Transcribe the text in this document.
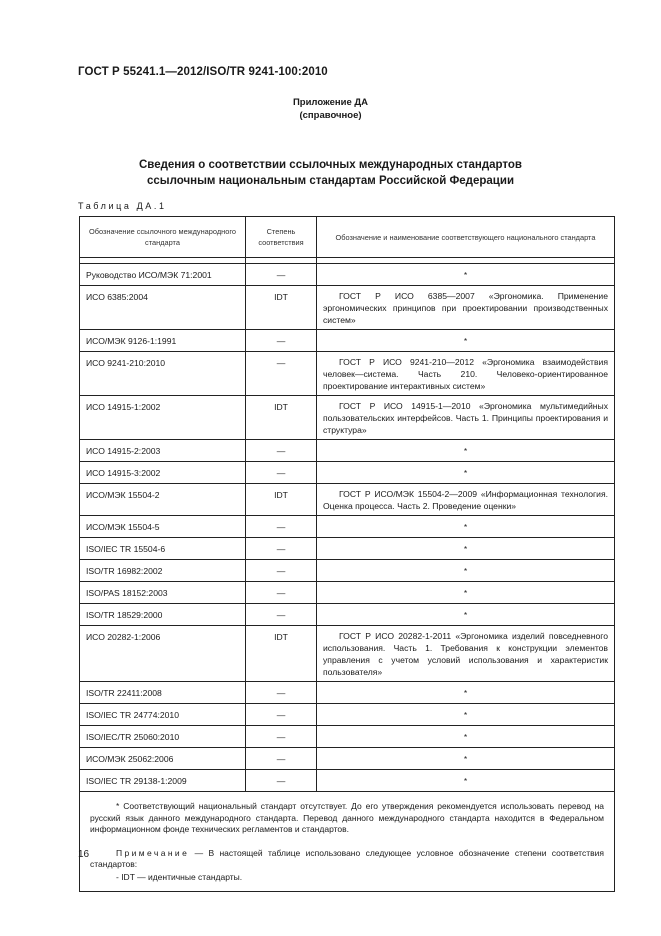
ГОСТ Р 55241.1—2012/ISO/TR 9241-100:2010
Приложение ДА
(справочное)
Сведения о соответствии ссылочных международных стандартов
ссылочным национальным стандартам Российской Федерации
Таблица ДА.1
Обозначение ссылочного международного стандарта	Степень соответствия	Обозначение и наименование соответствующего национального стандарта

Руководство ИСО/МЭК 71:2001	—	*
ИСО 6385:2004	IDT	ГОСТ Р ИСО 6385—2007 «Эргономика. Применение эргономических принципов при проектировании производственных систем»
ИСО/МЭК 9126-1:1991	—	*
ИСО 9241-210:2010	—	ГОСТ Р ИСО 9241-210—2012 «Эргономика взаимодействия человек—система. Часть 210. Человеко-ориентированное проектирование интерактивных систем»
ИСО 14915-1:2002	IDT	ГОСТ Р ИСО 14915-1—2010 «Эргономика мультимедийных пользовательских интерфейсов. Часть 1. Принципы проектирования и структура»
ИСО 14915-2:2003	—	*
ИСО 14915-3:2002	—	*
ИСО/МЭК 15504-2	IDT	ГОСТ Р ИСО/МЭК 15504-2—2009 «Информационная технология. Оценка процесса. Часть 2. Проведение оценки»
ИСО/МЭК 15504-5	—	*
ISO/IEC TR 15504-6	—	*
ISO/TR 16982:2002	—	*
ISO/PAS 18152:2003	—	*
ISO/TR 18529:2000	—	*
ИСО 20282-1:2006	IDT	ГОСТ Р ИСО 20282-1-2011 «Эргономика изделий повседневного использования. Часть 1. Требования к конструкции элементов управления с учетом условий использования и характеристик пользователя»
ISO/TR 22411:2008	—	*
ISO/IEC TR 24774:2010	—	*
ISO/IEC/TR 25060:2010	—	*
ИСО/МЭК 25062:2006	—	*
ISO/IEC TR 29138-1:2009	—	*

* Соответствующий национальный стандарт отсутствует. До его утверждения рекомендуется использовать перевод на русский язык данного международного стандарта. Перевод данного международного стандарта находится в Федеральном информационном фонде технических регламентов и стандартов.

Примечание — В настоящей таблице использовано следующее условное обозначение степени соответствия стандартов:

- IDT — идентичные стандарты.		

16
